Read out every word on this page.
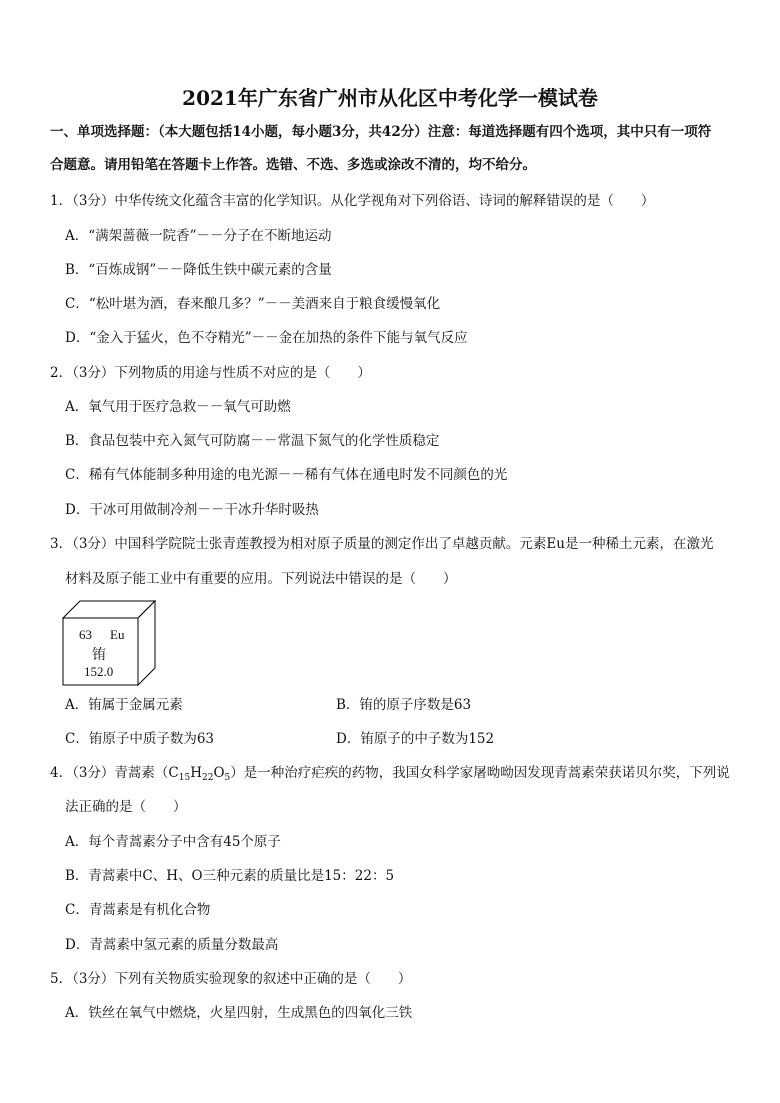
2021年广东省广州市从化区中考化学一模试卷
一、单项选择题：（本大题包括14小题，每小题3分，共42分）注意：每道选择题有四个选项，其中只有一项符
合题意。请用铅笔在答题卡上作答。选错、不选、多选或涂改不清的，均不给分。
1．（3分）中华传统文化蕴含丰富的化学知识。从化学视角对下列俗语、诗词的解释错误的是（　　）
A．“满架蔷薇一院香”－－分子在不断地运动
B．“百炼成钢”－－降低生铁中碳元素的含量
C．“松叶堪为酒，春来酿几多？”－－美酒来自于粮食缓慢氧化
D．“金入于猛火，色不夺精光”－－金在加热的条件下能与氧气反应
2．（3分）下列物质的用途与性质不对应的是（　　）
A．氧气用于医疗急救－－氧气可助燃
B．食品包装中充入氮气可防腐－－常温下氮气的化学性质稳定
C．稀有气体能制多种用途的电光源－－稀有气体在通电时发不同颜色的光
D．干冰可用做制冷剂－－干冰升华时吸热
3．（3分）中国科学院院士张青莲教授为相对原子质量的测定作出了卓越贡献。元素Eu是一种稀土元素，在激光
材料及原子能工业中有重要的应用。下列说法中错误的是（　　）
63 Eu
铕
152.0
A．铕属于金属元素	B．铕的原子序数是63
C．铕原子中质子数为63	D．铕原子的中子数为152
4．（3分）青蒿素$(C_{15}H_{22}O_5)$是一种治疗疟疾的药物，我国女科学家屠呦呦因发现青蒿素荣获诺贝尔奖，下列说
法正确的是（　　）
A．每个青蒿素分子中含有45个原子
B．青蒿素中C、H、O三种元素的质量比是15：22：5
C．青蒿素是有机化合物
D．青蒿素中氢元素的质量分数最高
5．（3分）下列有关物质实验现象的叙述中正确的是（　　）
A．铁丝在氧气中燃烧，火星四射，生成黑色的四氧化三铁
